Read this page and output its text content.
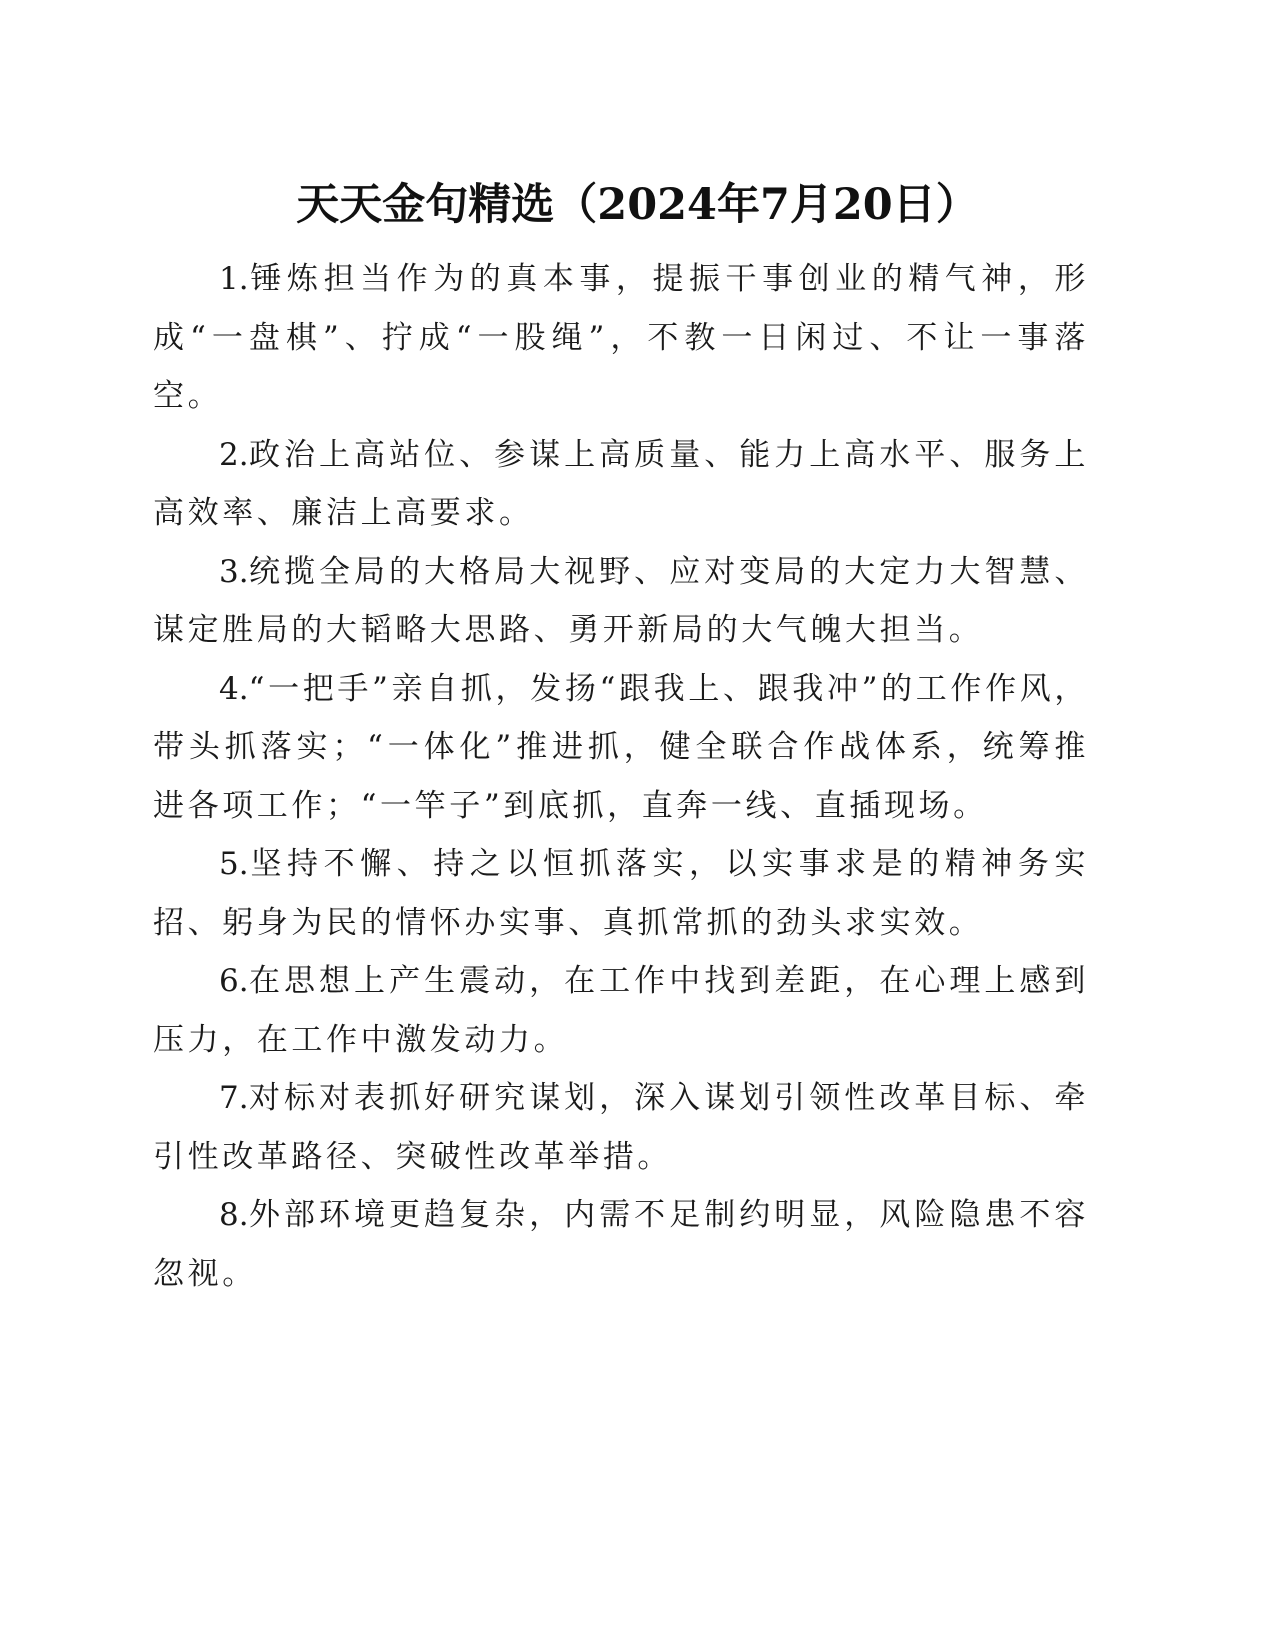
天天金句精选（2024年7月20日）

1.锤炼担当作为的真本事，提振干事创业的精气神，形成“一盘棋”、拧成“一股绳”，不教一日闲过、不让一事落空。

2.政治上高站位、参谋上高质量、能力上高水平、服务上高效率、廉洁上高要求。

3.统揽全局的大格局大视野、应对变局的大定力大智慧、谋定胜局的大韬略大思路、勇开新局的大气魄大担当。

4.“一把手”亲自抓，发扬“跟我上、跟我冲”的工作作风，带头抓落实；“一体化”推进抓，健全联合作战体系，统筹推进各项工作；“一竿子”到底抓，直奔一线、直插现场。

5.坚持不懈、持之以恒抓落实，以实事求是的精神务实招、躬身为民的情怀办实事、真抓常抓的劲头求实效。

6.在思想上产生震动，在工作中找到差距，在心理上感到压力，在工作中激发动力。

7.对标对表抓好研究谋划，深入谋划引领性改革目标、牵引性改革路径、突破性改革举措。

8.外部环境更趋复杂，内需不足制约明显，风险隐患不容忽视。
